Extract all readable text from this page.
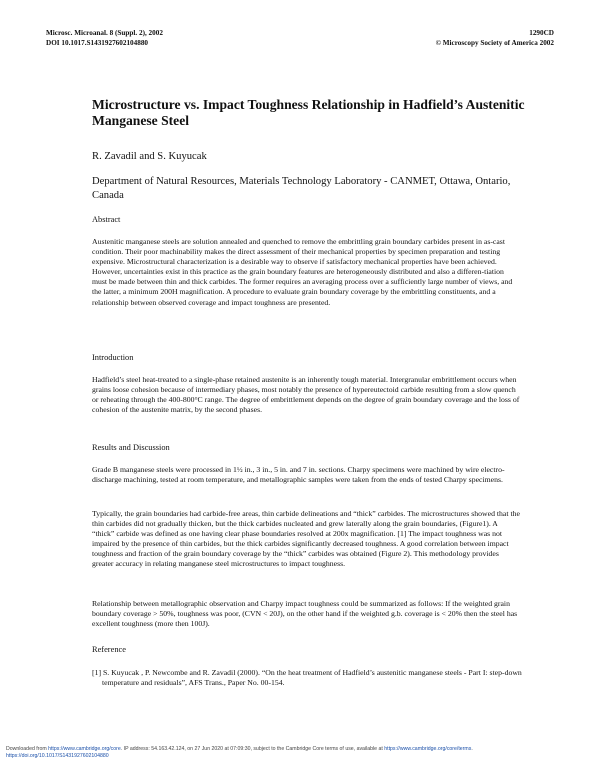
Microsc. Microanal. 8 (Suppl. 2), 2002
DOI 10.1017.S1431927602104880
1290CD
© Microscopy Society of America 2002
Microstructure vs. Impact Toughness Relationship in Hadfield’s Austenitic Manganese Steel
R. Zavadil and S. Kuyucak
Department of Natural Resources, Materials Technology Laboratory - CANMET, Ottawa, Ontario, Canada
Abstract

Austenitic manganese steels are solution annealed and quenched to remove the embrittling grain boundary carbides present in as-cast condition. Their poor machinability makes the direct assessment of their mechanical properties by specimen preparation and testing expensive. Microstructural characterization is a desirable way to observe if satisfactory mechanical properties have been achieved. However, uncertainties exist in this practice as the grain boundary features are heterogeneously distributed and also a differen-tiation must be made between thin and thick carbides. The former requires an averaging process over a sufficiently large number of views, and the latter, a minimum 200H magnification. A procedure to evaluate grain boundary coverage by the embrittling constituents, and a relationship between observed coverage and impact toughness are presented.

Introduction

Hadfield’s steel heat-treated to a single-phase retained austenite is an inherently tough material. Intergranular embrittlement occurs when grains loose cohesion because of intermediary phases, most notably the presence of hypereutectoid carbide resulting from a slow quench or reheating through the 400-800°C range. The degree of embrittlement depends on the degree of grain boundary coverage and the loss of cohesion of the austenite matrix, by the second phases.

Results and Discussion

Grade B manganese steels were processed in 1½ in., 3 in., 5 in. and 7 in. sections. Charpy specimens were machined by wire electro-discharge machining, tested at room temperature, and metallographic samples were taken from the ends of tested Charpy specimens.

Typically, the grain boundaries had carbide-free areas, thin carbide delineations and “thick” carbides. The microstructures showed that the thin carbides did not gradually thicken, but the thick carbides nucleated and grew laterally along the grain boundaries, (Figure1). A “thick” carbide was defined as one having clear phase boundaries resolved at 200x magnification. [1] The impact toughness was not impaired by the presence of thin carbides, but the thick carbides significantly decreased toughness. A good correlation between impact toughness and fraction of the grain boundary coverage by the “thick” carbides was obtained (Figure 2). This methodology provides greater accuracy in relating manganese steel microstructures to impact toughness.

Relationship between metallographic observation and Charpy impact toughness could be summarized as follows: If the weighted grain boundary coverage > 50%, toughness was poor, (CVN < 20J), on the other hand if the weighted g.b. coverage is < 20% then the steel has excellent toughness (more then 100J).

Reference
[1] S. Kuyucak , P. Newcombe and R. Zavadil (2000). “On the heat treatment of Hadfield’s austenitic manganese steels - Part I: step-down temperature and residuals”, AFS Trans., Paper No. 00-154.
Downloaded from https://www.cambridge.org/core. IP address: 54.163.42.124, on 27 Jun 2020 at 07:09:30, subject to the Cambridge Core terms of use, available at https://www.cambridge.org/core/terms.
https://doi.org/10.1017/S1431927602104880
